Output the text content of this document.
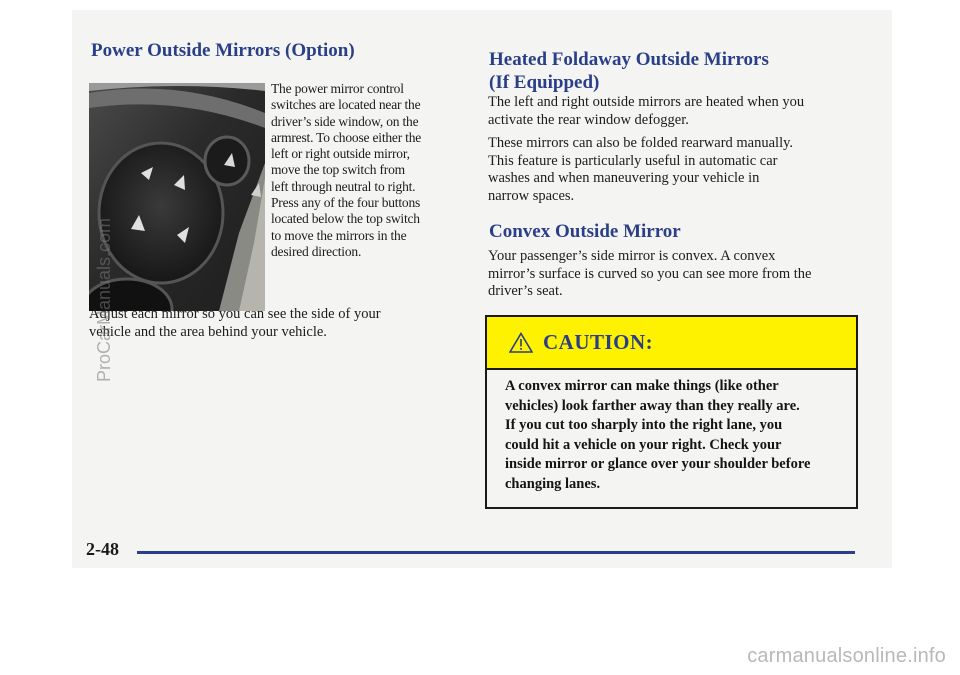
Power Outside Mirrors (Option)
The power mirror control
switches are located near the
driver’s side window, on the
armrest. To choose either the
left or right outside mirror,
move the top switch from
left through neutral to right.
Press any of the four buttons
located below the top switch
to move the mirrors in the
desired direction.
Adjust each mirror so you can see the side of your
vehicle and the area behind your vehicle.
Heated Foldaway Outside Mirrors
(If Equipped)
The left and right outside mirrors are heated when you
activate the rear window defogger.
These mirrors can also be folded rearward manually.
This feature is particularly useful in automatic car
washes and when maneuvering your vehicle in
narrow spaces.
Convex Outside Mirror
Your passenger’s side mirror is convex. A convex
mirror’s surface is curved so you can see more from the
driver’s seat.
CAUTION:
A convex mirror can make things (like other
vehicles) look farther away than they really are.
If you cut too sharply into the right lane, you
could hit a vehicle on your right. Check your
inside mirror or glance over your shoulder before
changing lanes.
2-48
ProCarManuals.com
carmanualsonline.info
